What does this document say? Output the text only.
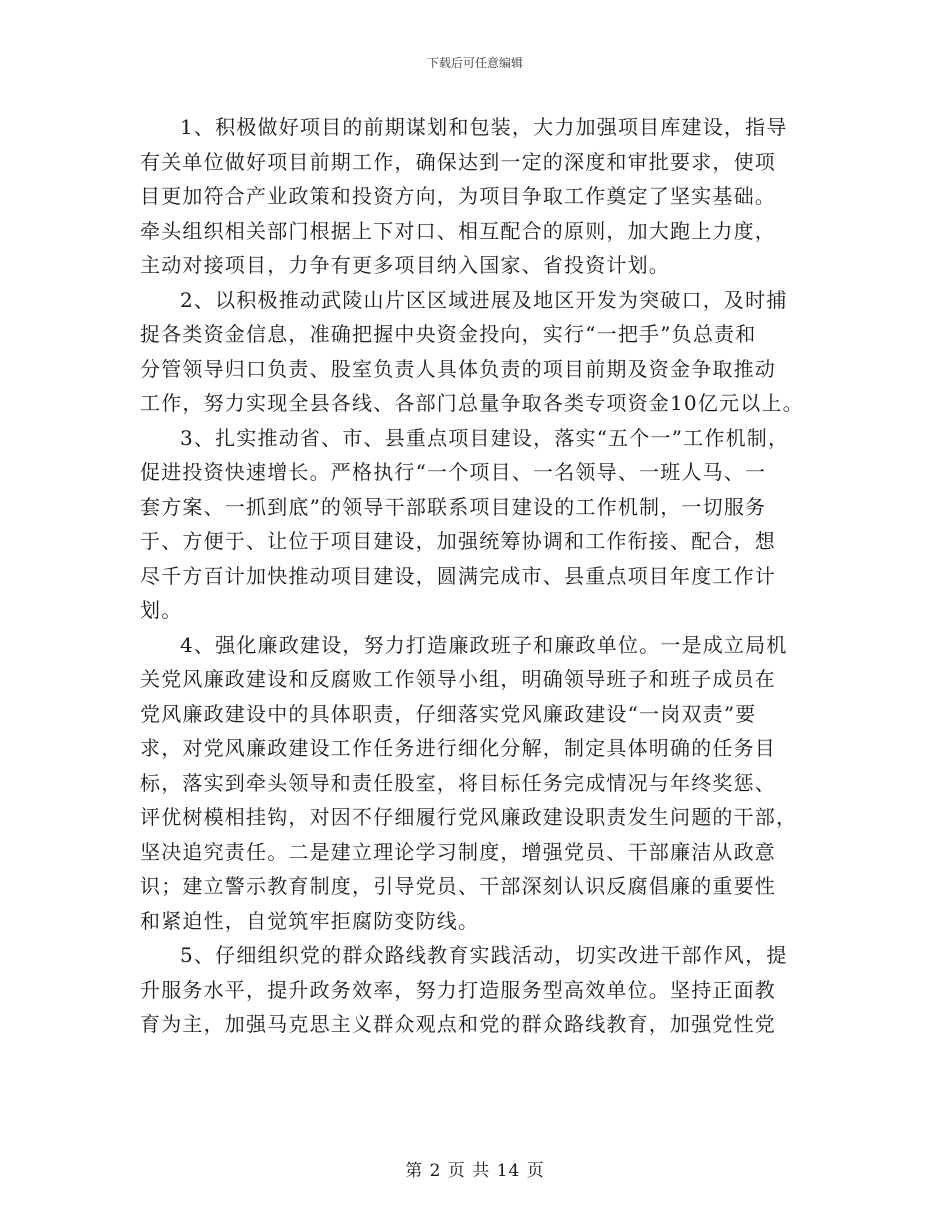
下载后可任意编辑
1、积极做好项目的前期谋划和包装，大力加强项目库建设，指导
有关单位做好项目前期工作，确保达到一定的深度和审批要求，使项
目更加符合产业政策和投资方向，为项目争取工作奠定了坚实基础。
牵头组织相关部门根据上下对口、相互配合的原则，加大跑上力度，
主动对接项目，力争有更多项目纳入国家、省投资计划。
2、以积极推动武陵山片区区域进展及地区开发为突破口，及时捕
捉各类资金信息，准确把握中央资金投向，实行“一把手”负总责和
分管领导归口负责、股室负责人具体负责的项目前期及资金争取推动
工作，努力实现全县各线、各部门总量争取各类专项资金10亿元以上。
3、扎实推动省、市、县重点项目建设，落实“五个一”工作机制，
促进投资快速增长。严格执行“一个项目、一名领导、一班人马、一
套方案、一抓到底”的领导干部联系项目建设的工作机制，一切服务
于、方便于、让位于项目建设，加强统筹协调和工作衔接、配合，想
尽千方百计加快推动项目建设，圆满完成市、县重点项目年度工作计
划。
4、强化廉政建设，努力打造廉政班子和廉政单位。一是成立局机
关党风廉政建设和反腐败工作领导小组，明确领导班子和班子成员在
党风廉政建设中的具体职责，仔细落实党风廉政建设“一岗双责”要
求，对党风廉政建设工作任务进行细化分解，制定具体明确的任务目
标，落实到牵头领导和责任股室，将目标任务完成情况与年终奖惩、
评优树模相挂钩，对因不仔细履行党风廉政建设职责发生问题的干部，
坚决追究责任。二是建立理论学习制度，增强党员、干部廉洁从政意
识；建立警示教育制度，引导党员、干部深刻认识反腐倡廉的重要性
和紧迫性，自觉筑牢拒腐防变防线。
5、仔细组织党的群众路线教育实践活动，切实改进干部作风，提
升服务水平，提升政务效率，努力打造服务型高效单位。坚持正面教
育为主，加强马克思主义群众观点和党的群众路线教育，加强党性党
第 2 页 共 14 页
